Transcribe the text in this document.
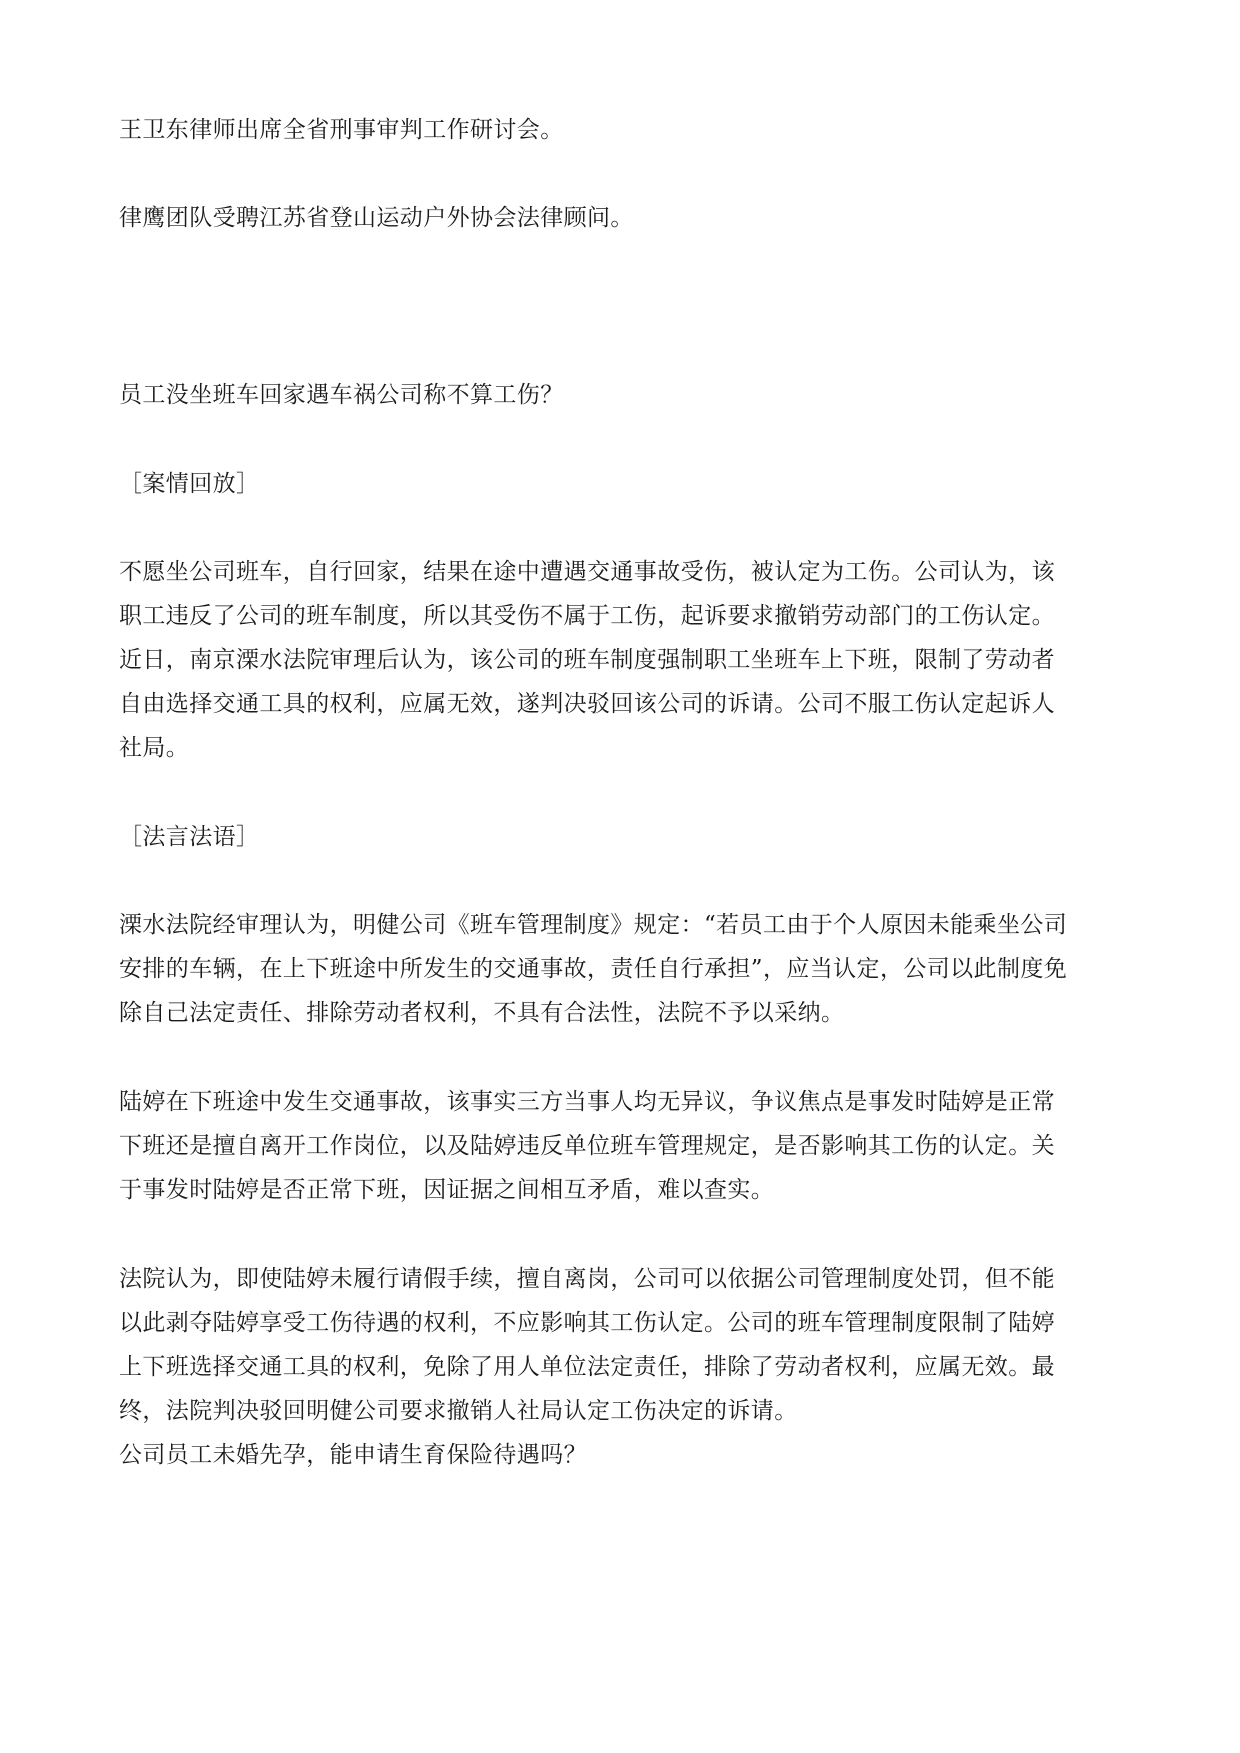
王卫东律师出席全省刑事审判工作研讨会。

律鹰团队受聘江苏省登山运动户外协会法律顾问。

员工没坐班车回家遇车祸公司称不算工伤？

［案情回放］

不愿坐公司班车，自行回家，结果在途中遭遇交通事故受伤，被认定为工伤。公司认为，该
职工违反了公司的班车制度，所以其受伤不属于工伤，起诉要求撤销劳动部门的工伤认定。
近日，南京溧水法院审理后认为，该公司的班车制度强制职工坐班车上下班，限制了劳动者
自由选择交通工具的权利，应属无效，遂判决驳回该公司的诉请。公司不服工伤认定起诉人
社局。

［法言法语］

溧水法院经审理认为，明健公司《班车管理制度》规定：“若员工由于个人原因未能乘坐公司
安排的车辆，在上下班途中所发生的交通事故，责任自行承担”，应当认定，公司以此制度免
除自己法定责任、排除劳动者权利，不具有合法性，法院不予以采纳。
陆婷在下班途中发生交通事故，该事实三方当事人均无异议，争议焦点是事发时陆婷是正常
下班还是擅自离开工作岗位，以及陆婷违反单位班车管理规定，是否影响其工伤的认定。关
于事发时陆婷是否正常下班，因证据之间相互矛盾，难以查实。
法院认为，即使陆婷未履行请假手续，擅自离岗，公司可以依据公司管理制度处罚，但不能
以此剥夺陆婷享受工伤待遇的权利，不应影响其工伤认定。公司的班车管理制度限制了陆婷
上下班选择交通工具的权利，免除了用人单位法定责任，排除了劳动者权利，应属无效。最
终，法院判决驳回明健公司要求撤销人社局认定工伤决定的诉请。

公司员工未婚先孕，能申请生育保险待遇吗？
